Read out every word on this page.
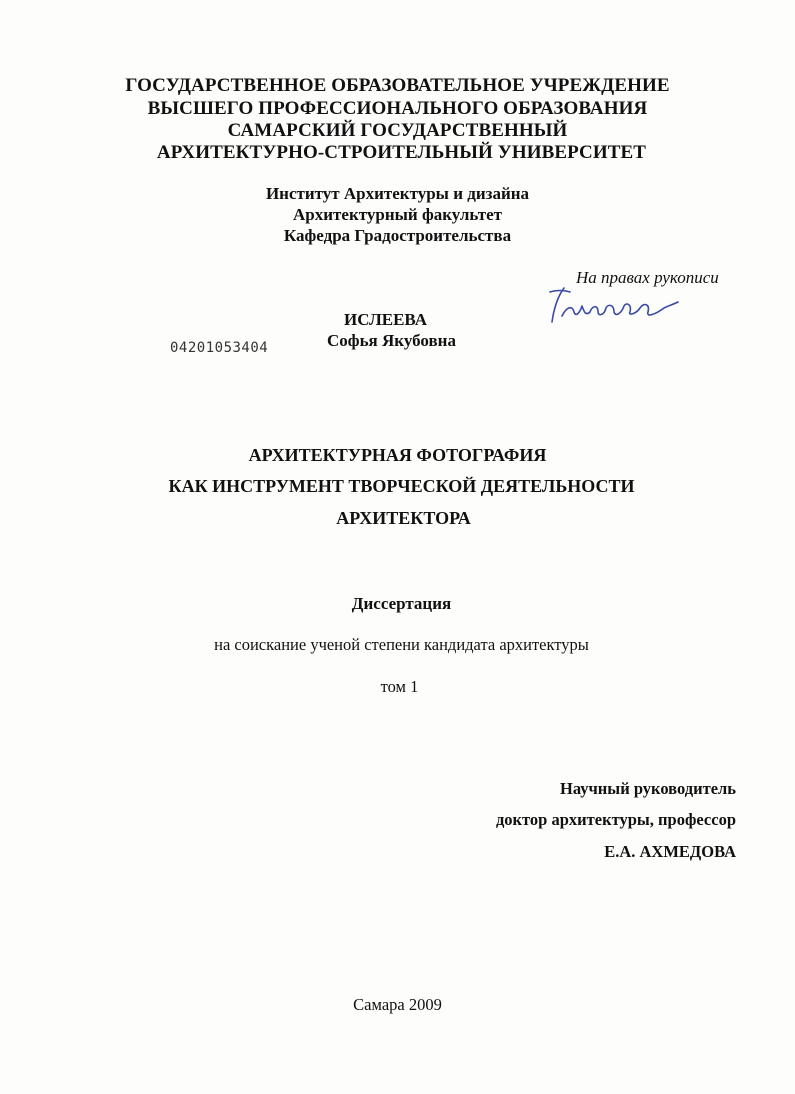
ГОСУДАРСТВЕННОЕ ОБРАЗОВАТЕЛЬНОЕ УЧРЕЖДЕНИЕ
ВЫСШЕГО ПРОФЕССИОНАЛЬНОГО ОБРАЗОВАНИЯ
САМАРСКИЙ ГОСУДАРСТВЕННЫЙ
АРХИТЕКТУРНО-СТРОИТЕЛЬНЫЙ УНИВЕРСИТЕТ
Институт Архитектуры и дизайна
Архитектурный факультет
Кафедра Градостроительства
На правах рукописи
ИСЛЕЕВА
Софья Якубовна
04201053404
АРХИТЕКТУРНАЯ ФОТОГРАФИЯ
КАК ИНСТРУМЕНТ ТВОРЧЕСКОЙ ДЕЯТЕЛЬНОСТИ
АРХИТЕКТОРА
Диссертация
на соискание ученой степени кандидата архитектуры
том 1
Научный руководитель
доктор архитектуры, профессор
Е.А. АХМЕДОВА
Самара 2009
